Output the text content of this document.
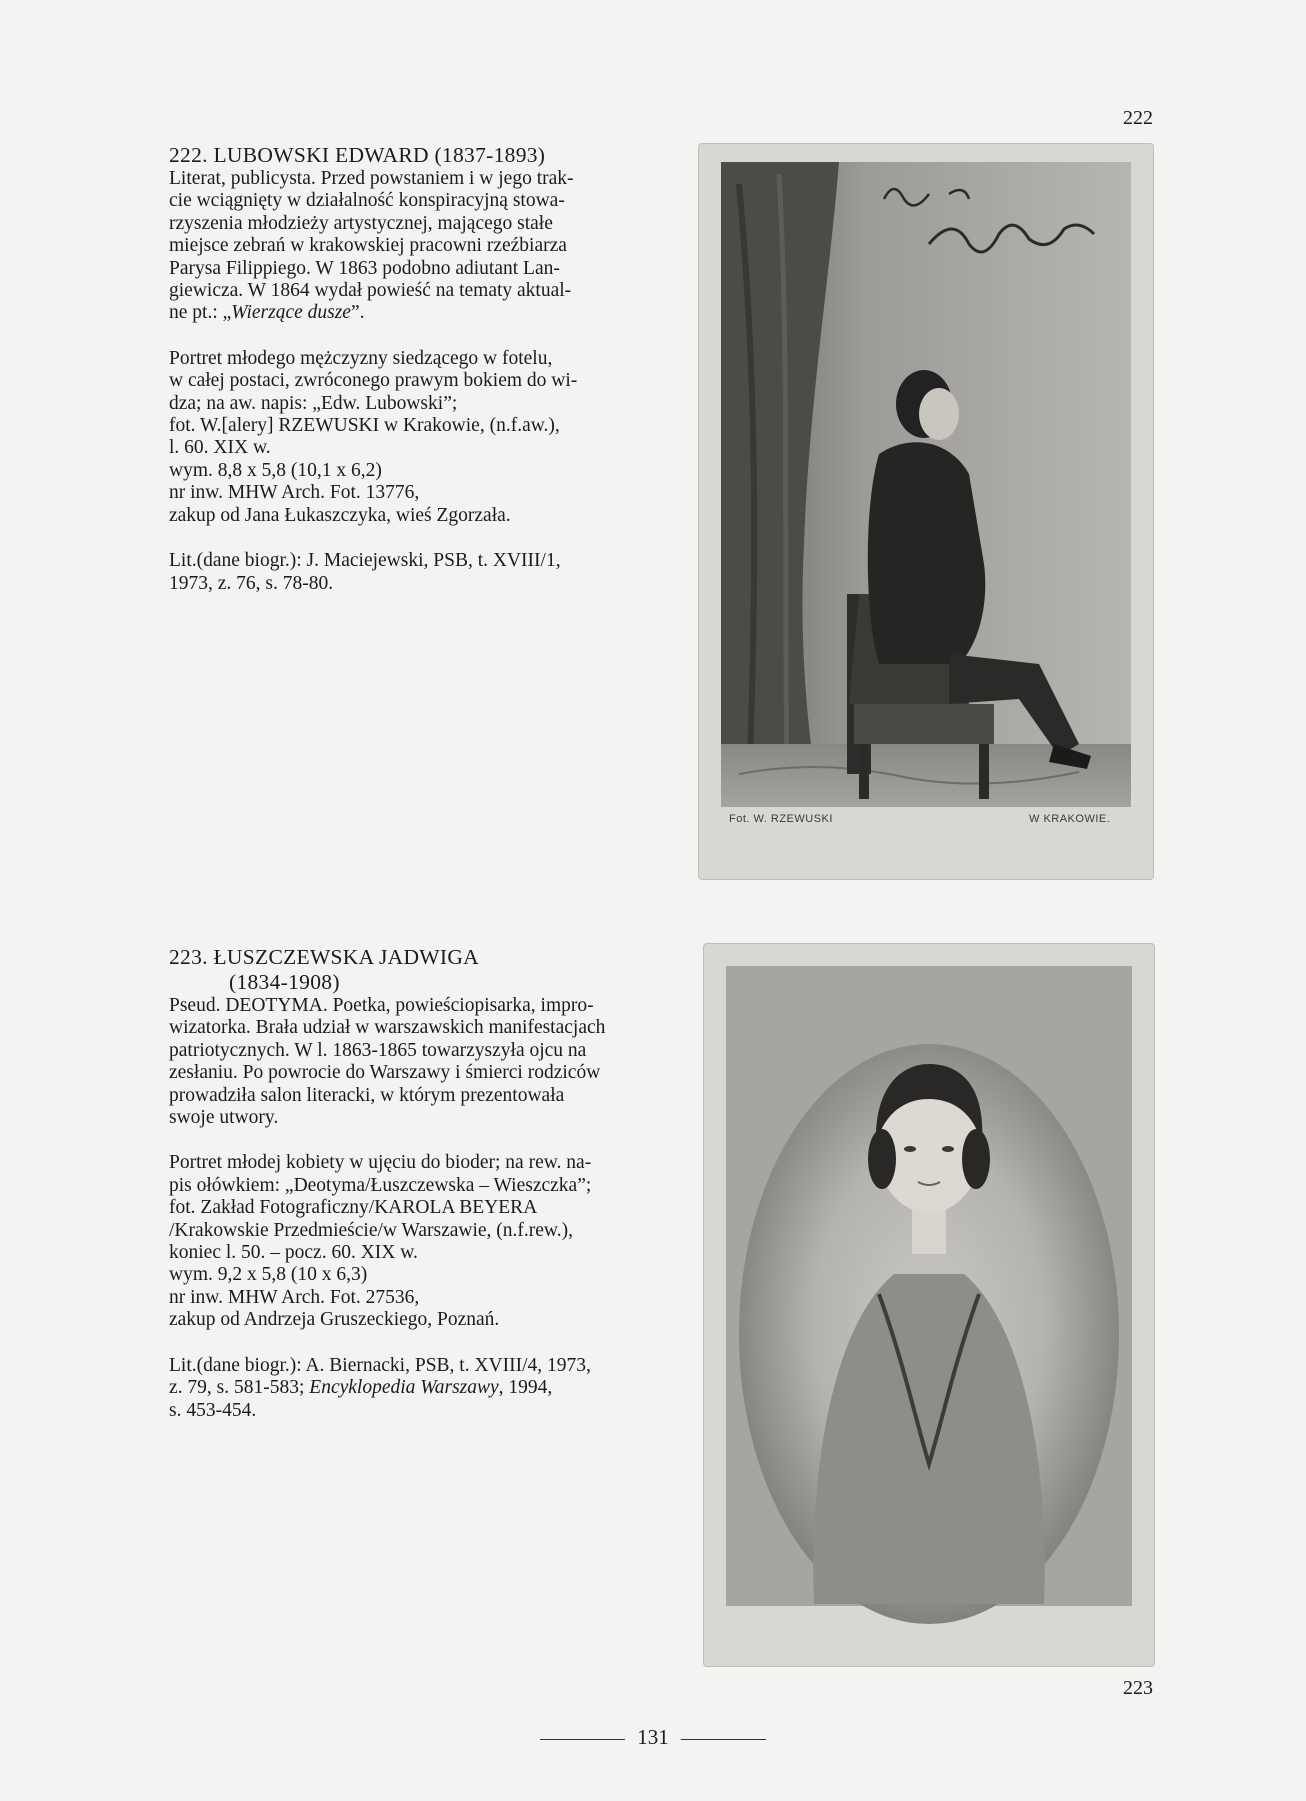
222
222. LUBOWSKI EDWARD (1837-1893)

Literat, publicysta. Przed powstaniem i w jego trak-
cie wciągnięty w działalność konspiracyjną stowa-
rzyszenia młodzieży artystycznej, mającego stałe
miejsce zebrań w krakowskiej pracowni rzeźbiarza
Parysa Filippiego. W 1863 podobno adiutant Lan-
giewicza. W 1864 wydał powieść na tematy aktual-
ne pt.: „Wierzące dusze”.

Portret młodego mężczyzny siedzącego w fotelu,
w całej postaci, zwróconego prawym bokiem do wi-
dza; na aw. napis: „Edw. Lubowski”;
fot. W.[alery] RZEWUSKI w Krakowie, (n.f.aw.),
l. 60. XIX w.
wym. 8,8 x 5,8 (10,1 x 6,2)
nr inw. MHW Arch. Fot. 13776,
zakup od Jana Łukaszczyka, wieś Zgorzała.

Lit.(dane biogr.): J. Maciejewski, PSB, t. XVIII/1,
1973, z. 76, s. 78-80.

Fot. W. RZEWUSKI	W KRAKOWIE.
223. ŁUSZCZEWSKA JADWIGA
(1834-1908)

Pseud. DEOTYMA. Poetka, powieściopisarka, impro-
wizatorka. Brała udział w warszawskich manifestacjach
patriotycznych. W l. 1863-1865 towarzyszyła ojcu na
zesłaniu. Po powrocie do Warszawy i śmierci rodziców
prowadziła salon literacki, w którym prezentowała
swoje utwory.

Portret młodej kobiety w ujęciu do bioder; na rew. na-
pis ołówkiem: „Deotyma/Łuszczewska – Wieszczka”;
fot. Zakład Fotograficzny/KAROLA BEYERA
/Krakowskie Przedmieście/w Warszawie, (n.f.rew.),
koniec l. 50. – pocz. 60. XIX w.
wym. 9,2 x 5,8 (10 x 6,3)
nr inw. MHW Arch. Fot. 27536,
zakup od Andrzeja Gruszeckiego, Poznań.

Lit.(dane biogr.): A. Biernacki, PSB, t. XVIII/4, 1973,
z. 79, s. 581-583; Encyklopedia Warszawy, 1994,
s. 453-454.

223
131
